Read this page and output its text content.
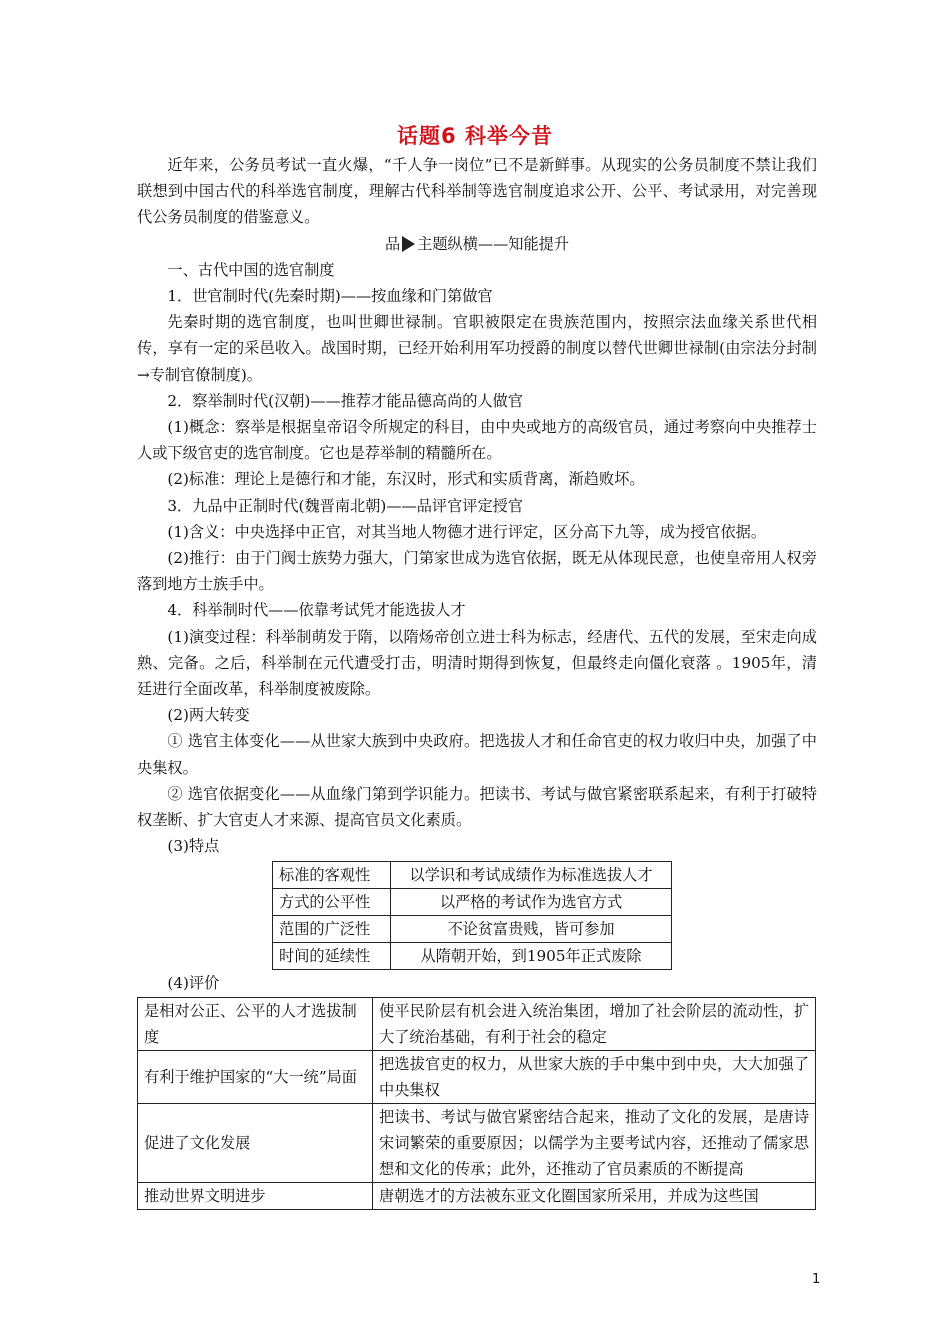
话题6 科举今昔

近年来，公务员考试一直火爆，“千人争一岗位”已不是新鲜事。从现实的公务员制度不禁让我们联想到中国古代的科举选官制度，理解古代科举制等选官制度追求公开、公平、考试录用，对完善现代公务员制度的借鉴意义。

品 主题纵横——知能提升

一、古代中国的选官制度

1．世官制时代(先秦时期)——按血缘和门第做官

先秦时期的选官制度，也叫世卿世禄制。官职被限定在贵族范围内，按照宗法血缘关系世代相传，享有一定的采邑收入。战国时期，已经开始利用军功授爵的制度以替代世卿世禄制(由宗法分封制→专制官僚制度)。

2．察举制时代(汉朝)——推荐才能品德高尚的人做官

(1)概念：察举是根据皇帝诏令所规定的科目，由中央或地方的高级官员，通过考察向中央推荐士人或下级官吏的选官制度。它也是荐举制的精髓所在。

(2)标准：理论上是德行和才能，东汉时，形式和实质背离，渐趋败坏。

3．九品中正制时代(魏晋南北朝)——品评官评定授官

(1)含义：中央选择中正官，对其当地人物德才进行评定，区分高下九等，成为授官依据。

(2)推行：由于门阀士族势力强大，门第家世成为选官依据，既无从体现民意，也使皇帝用人权旁落到地方士族手中。

4．科举制时代——依靠考试凭才能选拔人才

(1)演变过程：科举制萌发于隋，以隋炀帝创立进士科为标志，经唐代、五代的发展，至宋走向成熟、完备。之后，科举制在元代遭受打击，明清时期得到恢复，但最终走向僵化衰落 。1905年，清廷进行全面改革，科举制度被废除。

(2)两大转变

① 选官主体变化——从世家大族到中央政府。把选拔人才和任命官吏的权力收归中央，加强了中央集权。

② 选官依据变化——从血缘门第到学识能力。把读书、考试与做官紧密联系起来，有利于打破特权垄断、扩大官吏人才来源、提高官员文化素质。

(3)特点

标准的客观性	以学识和考试成绩作为标准选拔人才
方式的公平性	以严格的考试作为选官方式
范围的广泛性	不论贫富贵贱，皆可参加
时间的延续性	从隋朝开始，到1905年正式废除

(4)评价

是相对公正、公平的人才选拔制度	使平民阶层有机会进入统治集团，增加了社会阶层的流动性，扩大了统治基础，有利于社会的稳定
有利于维护国家的“大一统”局面	把选拔官吏的权力，从世家大族的手中集中到中央，大大加强了中央集权
促进了文化发展	把读书、考试与做官紧密结合起来，推动了文化的发展，是唐诗宋词繁荣的重要原因；以儒学为主要考试内容，还推动了儒家思想和文化的传承；此外，还推动了官员素质的不断提高
推动世界文明进步	唐朝选才的方法被东亚文化圈国家所采用，并成为这些国
1
